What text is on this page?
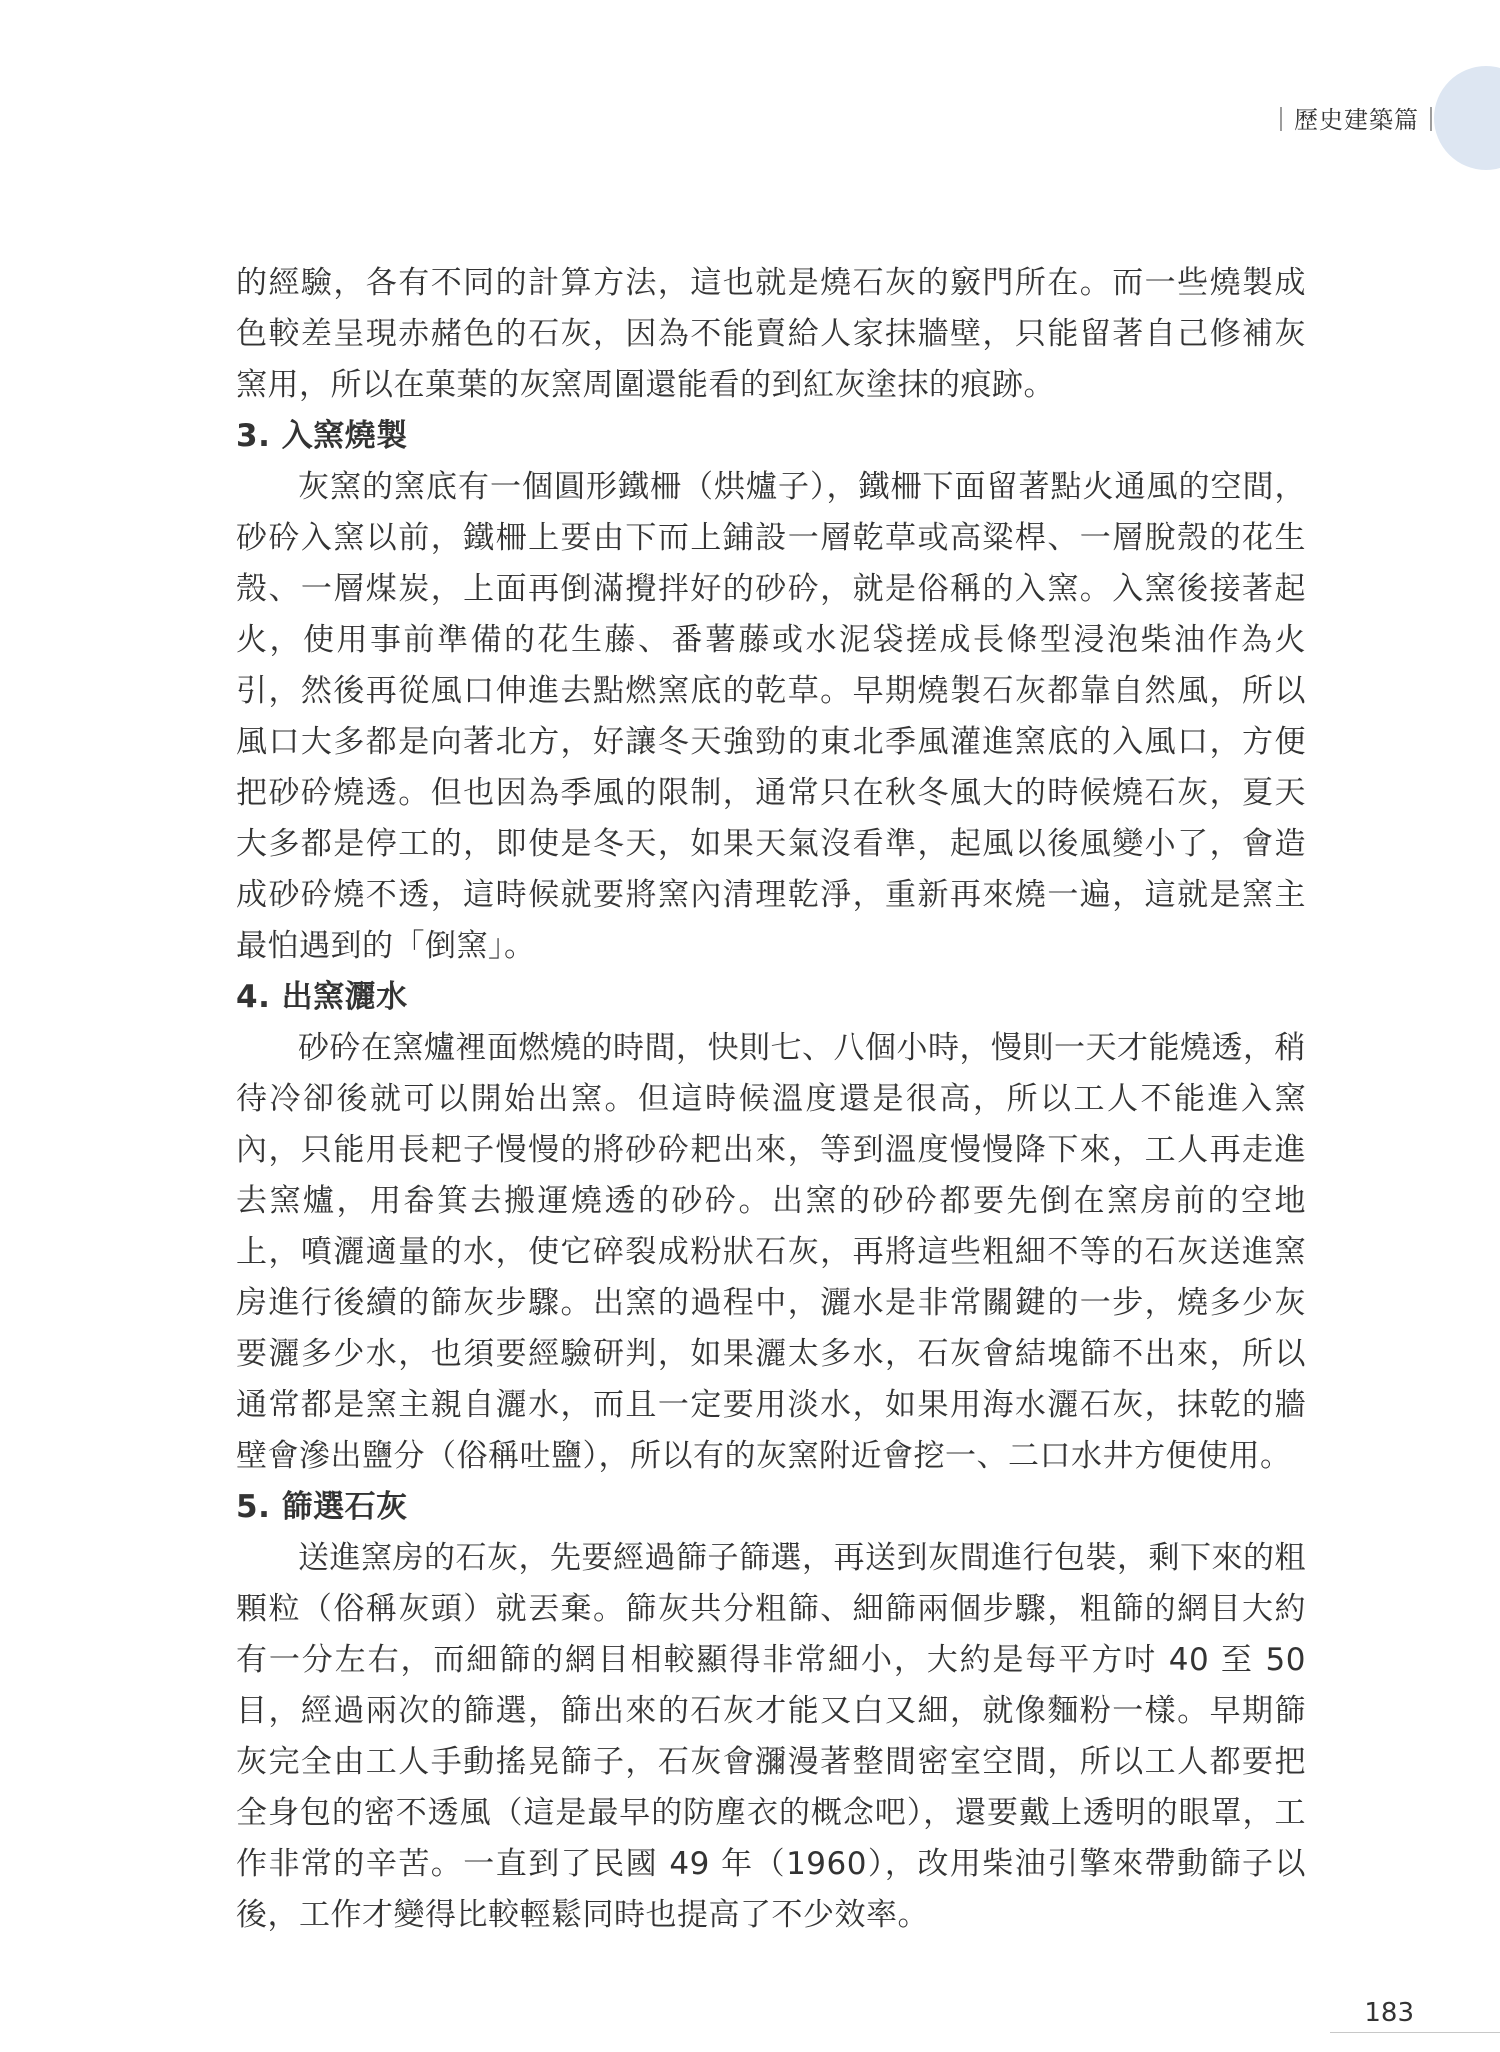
｜歷史建築篇｜

的經驗，各有不同的計算方法，這也就是燒石灰的竅門所在。而一些燒製成色較差呈現赤赭色的石灰，因為不能賣給人家抹牆壁，只能留著自己修補灰窯用，所以在菓葉的灰窯周圍還能看的到紅灰塗抹的痕跡。

3. 入窯燒製

灰窯的窯底有一個圓形鐵柵（烘爐子），鐵柵下面留著點火通風的空間，砂砛入窯以前，鐵柵上要由下而上鋪設一層乾草或高粱桿、一層脫殼的花生殼、一層煤炭，上面再倒滿攪拌好的砂砛，就是俗稱的入窯。入窯後接著起火，使用事前準備的花生藤、番薯藤或水泥袋搓成長條型浸泡柴油作為火引，然後再從風口伸進去點燃窯底的乾草。早期燒製石灰都靠自然風，所以風口大多都是向著北方，好讓冬天強勁的東北季風灌進窯底的入風口，方便把砂砛燒透。但也因為季風的限制，通常只在秋冬風大的時候燒石灰，夏天大多都是停工的，即使是冬天，如果天氣沒看準，起風以後風變小了，會造成砂砛燒不透，這時候就要將窯內清理乾淨，重新再來燒一遍，這就是窯主最怕遇到的「倒窯」。

4. 出窯灑水

砂砛在窯爐裡面燃燒的時間，快則七、八個小時，慢則一天才能燒透，稍待冷卻後就可以開始出窯。但這時候溫度還是很高，所以工人不能進入窯內，只能用長耙子慢慢的將砂砛耙出來，等到溫度慢慢降下來，工人再走進去窯爐，用畚箕去搬運燒透的砂砛。出窯的砂砛都要先倒在窯房前的空地上，噴灑適量的水，使它碎裂成粉狀石灰，再將這些粗細不等的石灰送進窯房進行後續的篩灰步驟。出窯的過程中，灑水是非常關鍵的一步，燒多少灰要灑多少水，也須要經驗研判，如果灑太多水，石灰會結塊篩不出來，所以通常都是窯主親自灑水，而且一定要用淡水，如果用海水灑石灰，抹乾的牆壁會滲出鹽分（俗稱吐鹽），所以有的灰窯附近會挖一、二口水井方便使用。

5. 篩選石灰

送進窯房的石灰，先要經過篩子篩選，再送到灰間進行包裝，剩下來的粗顆粒（俗稱灰頭）就丟棄。篩灰共分粗篩、細篩兩個步驟，粗篩的網目大約有一分左右，而細篩的網目相較顯得非常細小，大約是每平方吋 40 至 50 目，經過兩次的篩選，篩出來的石灰才能又白又細，就像麵粉一樣。早期篩灰完全由工人手動搖晃篩子，石灰會瀰漫著整間密室空間，所以工人都要把全身包的密不透風（這是最早的防塵衣的概念吧），還要戴上透明的眼罩，工作非常的辛苦。一直到了民國 49 年（1960），改用柴油引擎來帶動篩子以後，工作才變得比較輕鬆同時也提高了不少效率。

183
